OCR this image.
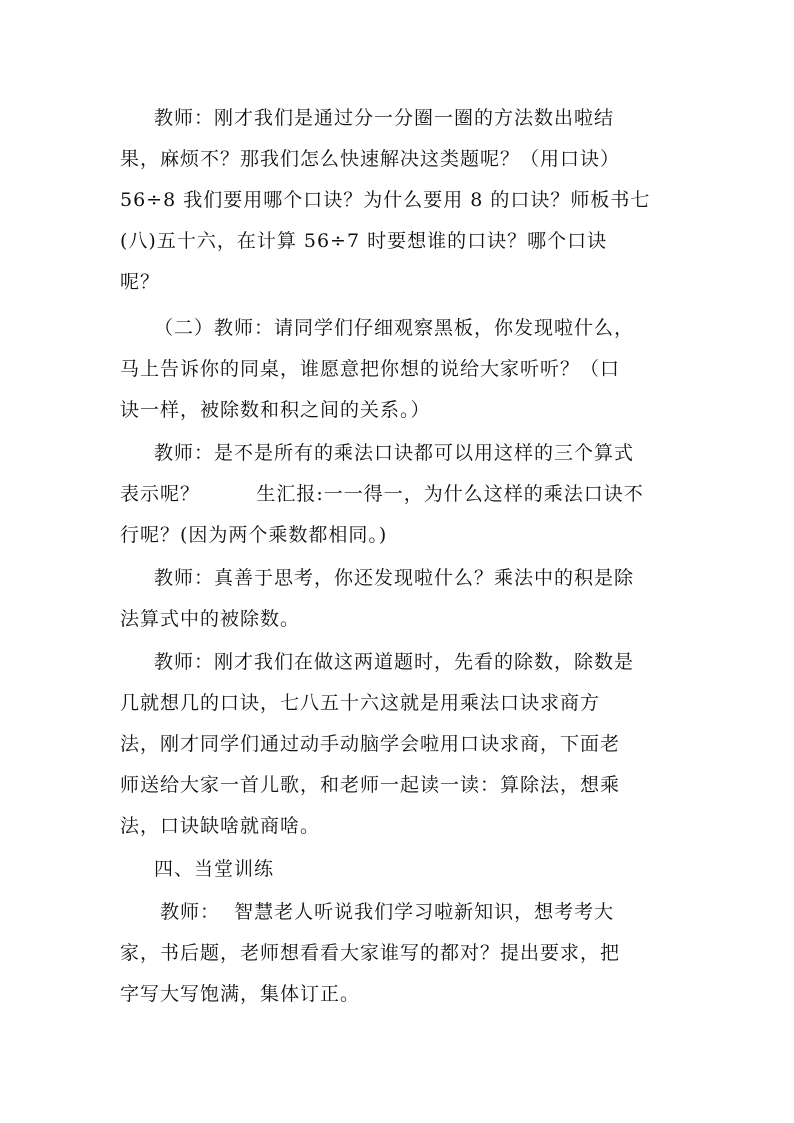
教师：刚才我们是通过分一分圈一圈的方法数出啦结
果，麻烦不？那我们怎么快速解决这类题呢？（用口诀）
56÷8 我们要用哪个口诀？为什么要用 8 的口诀？师板书七
(八)五十六，在计算 56÷7 时要想谁的口诀？哪个口诀
呢？
（二）教师：请同学们仔细观察黑板，你发现啦什么，
马上告诉你的同桌，谁愿意把你想的说给大家听听？（口
诀一样，被除数和积之间的关系。）
教师：是不是所有的乘法口诀都可以用这样的三个算式
表示呢？        生汇报:一一得一，为什么这样的乘法口诀不
行呢？(因为两个乘数都相同。)
教师：真善于思考，你还发现啦什么？乘法中的积是除
法算式中的被除数。
教师：刚才我们在做这两道题时，先看的除数，除数是
几就想几的口诀，七八五十六这就是用乘法口诀求商方
法，刚才同学们通过动手动脑学会啦用口诀求商，下面老
师送给大家一首儿歌，和老师一起读一读：算除法，想乘
法，口诀缺啥就商啥。
四、当堂训练
教师：  智慧老人听说我们学习啦新知识，想考考大
家，书后题，老师想看看大家谁写的都对？提出要求，把
字写大写饱满，集体订正。
